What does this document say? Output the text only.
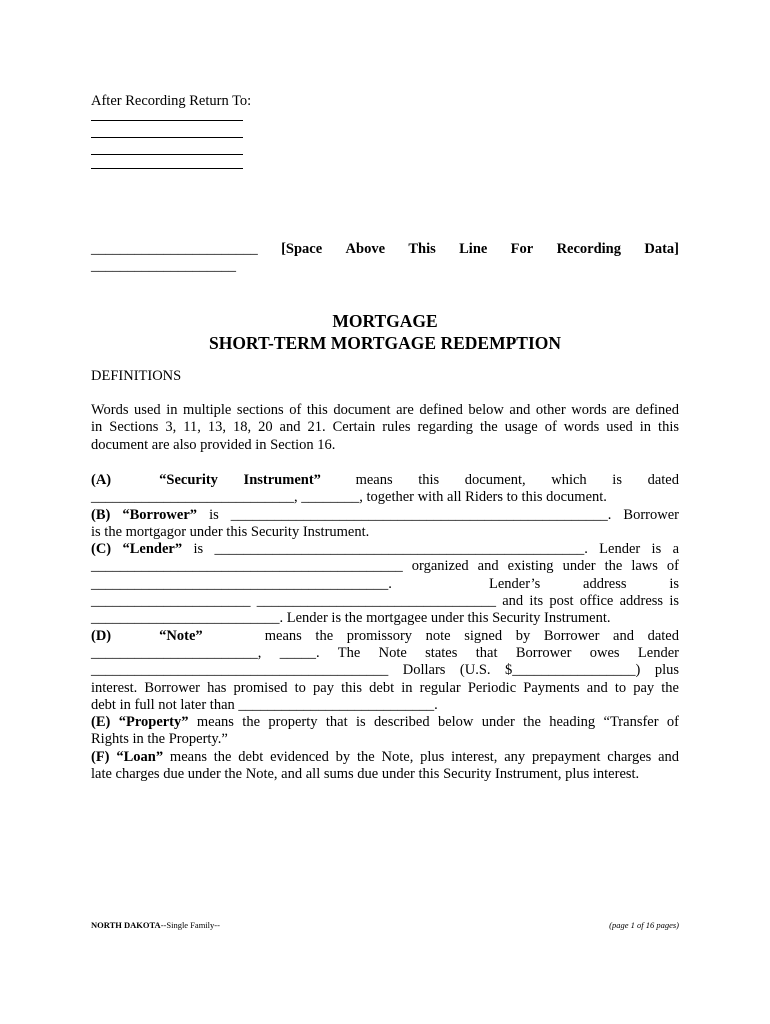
After Recording Return To:
_______________________ [Space Above This Line For Recording Data]
____________________
MORTGAGE
SHORT-TERM MORTGAGE REDEMPTION
DEFINITIONS
Words used in multiple sections of this document are defined below and other words are defined
in Sections 3, 11, 13, 18, 20 and 21. Certain rules regarding the usage of words used in this
document are also provided in Section 16.
(A)	“Security Instrument” means this document, which is dated
____________________________, ________, together with all Riders to this document.
(B) “Borrower” is ____________________________________________________. Borrower
is the mortgagor under this Security Instrument.
(C) “Lender” is ___________________________________________________. Lender is a
___________________________________________ organized and existing under the laws of
_________________________________________.	Lender’s	address	is
______________________ _________________________________ and its post office address is
__________________________. Lender is the mortgagee under this Security Instrument.
(D)	“Note”	means the promissory note signed by Borrower and dated
_______________________, _____. The Note states that Borrower owes Lender
_________________________________________ Dollars (U.S. $_________________) plus
interest. Borrower has promised to pay this debt in regular Periodic Payments and to pay the
debt in full not later than ___________________________.
(E) “Property” means the property that is described below under the heading “Transfer of
Rights in the Property.”
(F) “Loan” means the debt evidenced by the Note, plus interest, any prepayment charges and
late charges due under the Note, and all sums due under this Security Instrument, plus interest.
NORTH DAKOTA--Single Family--	(page 1 of 16 pages)
